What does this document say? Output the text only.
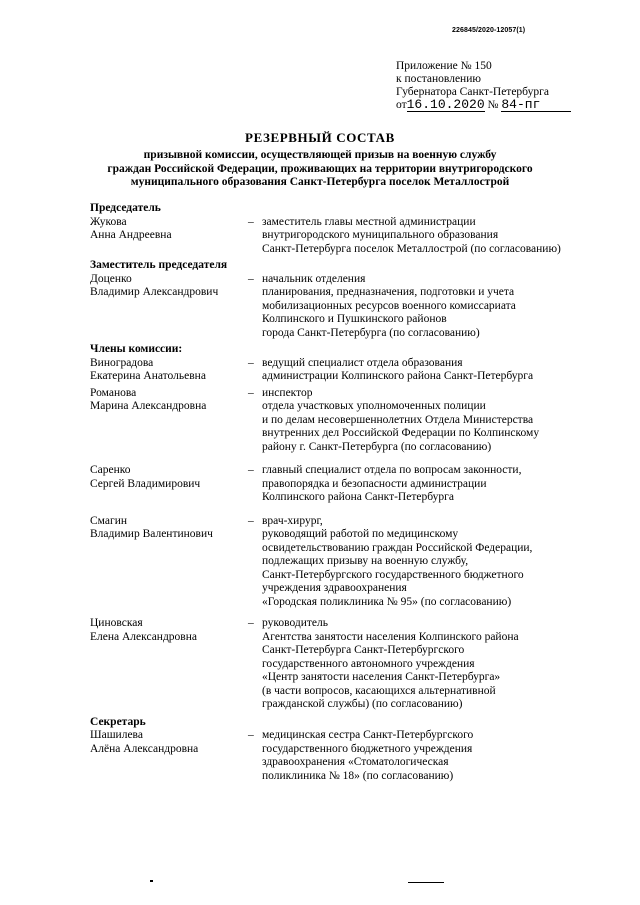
226845/2020-12057(1)
Приложение № 150
к постановлению
Губернатора Санкт-Петербурга
от16.10.2020 № 84-пг
РЕЗЕРВНЫЙ СОСТАВ
призывной комиссии, осуществляющей призыв на военную службу
граждан Российской Федерации, проживающих на территории внутригородского
муниципального образования Санкт-Петербурга поселок Металлострой
Председатель
Жукова
Анна Андреевна
– заместитель главы местной администрации
внутригородского муниципального образования
Санкт-Петербурга поселок Металлострой (по согласованию)
Заместитель председателя
Доценко
Владимир Александрович
– начальник отделения
планирования, предназначения, подготовки и учета
мобилизационных ресурсов военного комиссариата
Колпинского и Пушкинского районов
города Санкт-Петербурга (по согласованию)
Члены комиссии:
Виноградова
Екатерина Анатольевна
– ведущий специалист отдела образования
администрации Колпинского района Санкт-Петербурга
Романова
Марина Александровна
– инспектор
отдела участковых уполномоченных полиции
и по делам несовершеннолетних Отдела Министерства
внутренних дел Российской Федерации по Колпинскому
району г. Санкт-Петербурга (по согласованию)
Саренко
Сергей Владимирович
– главный специалист отдела по вопросам законности,
правопорядка и безопасности администрации
Колпинского района Санкт-Петербурга
Смагин
Владимир Валентинович
– врач-хирург,
руководящий работой по медицинскому
освидетельствованию граждан Российской Федерации,
подлежащих призыву на военную службу,
Санкт-Петербургского государственного бюджетного
учреждения здравоохранения
«Городская поликлиника № 95» (по согласованию)
Циновская
Елена Александровна
– руководитель
Агентства занятости населения Колпинского района
Санкт-Петербурга Санкт-Петербургского
государственного автономного учреждения
«Центр занятости населения Санкт-Петербурга»
(в части вопросов, касающихся альтернативной
гражданской службы) (по согласованию)
Секретарь
Шашилева
Алёна Александровна
– медицинская сестра Санкт-Петербургского
государственного бюджетного учреждения
здравоохранения «Стоматологическая
поликлиника № 18» (по согласованию)
